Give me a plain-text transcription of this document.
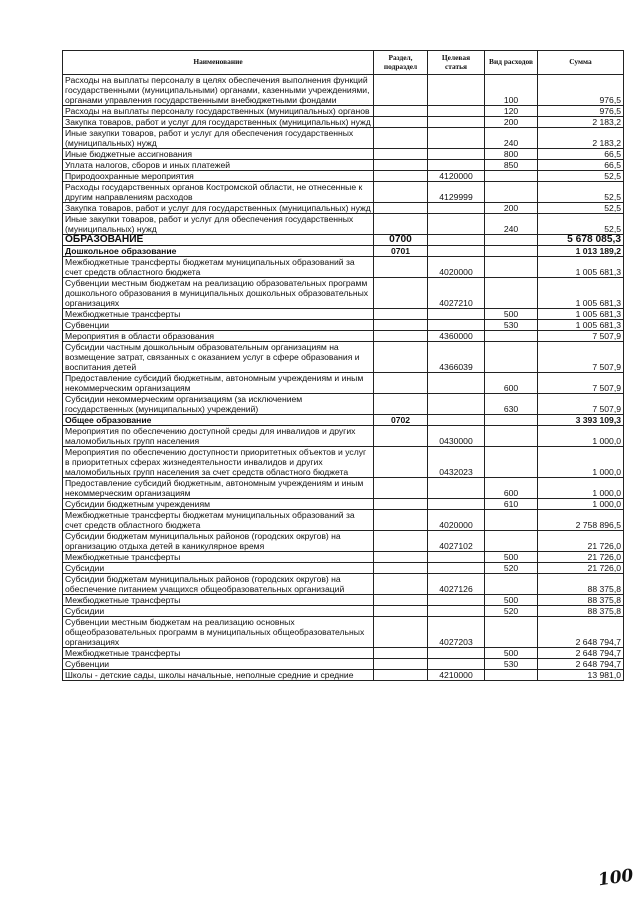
Наименование	Раздел, подраздел	Целевая статья	Вид расходов	Сумма
Расходы на выплаты персоналу в целях обеспечения выполнения функций государственными (муниципальными) органами, казенными учреждениями, органами управления государственными внебюджетными фондами			100	976,5
Расходы на выплаты персоналу государственных (муниципальных) органов			120	976,5
Закупка товаров, работ и услуг для государственных (муниципальных) нужд			200	2 183,2
Иные закупки товаров, работ и услуг для обеспечения государственных (муниципальных) нужд			240	2 183,2
Иные бюджетные ассигнования			800	66,5
Уплата налогов, сборов и иных платежей			850	66,5
Природоохранные мероприятия		4120000		52,5
Расходы государственных органов Костромской области, не отнесенные к другим направлениям расходов		4129999		52,5
Закупка товаров, работ и услуг для государственных (муниципальных) нужд			200	52,5
Иные закупки товаров, работ и услуг для обеспечения государственных (муниципальных) нужд			240	52,5
ОБРАЗОВАНИЕ	0700			5 678 085,3
Дошкольное образование	0701			1 013 189,2
Межбюджетные трансферты бюджетам муниципальных образований за счет средств областного бюджета		4020000		1 005 681,3
Субвенции местным бюджетам на реализацию образовательных программ дошкольного образования в муниципальных дошкольных образовательных организациях		4027210		1 005 681,3
Межбюджетные трансферты			500	1 005 681,3
Субвенции			530	1 005 681,3
Мероприятия в области образования		4360000		7 507,9
Субсидии частным дошкольным образовательным организациям на возмещение затрат, связанных с оказанием услуг в сфере образования и воспитания детей		4366039		7 507,9
Предоставление субсидий бюджетным, автономным учреждениям и иным некоммерческим организациям			600	7 507,9
Субсидии некоммерческим организациям (за исключением государственных (муниципальных) учреждений)			630	7 507,9
Общее образование	0702			3 393 109,3
Мероприятия по обеспечению доступной среды для инвалидов и других маломобильных групп населения		0430000		1 000,0
Мероприятия по обеспечению доступности приоритетных объектов и услуг в приоритетных сферах жизнедеятельности инвалидов и других маломобильных групп населения за счет средств областного бюджета		0432023		1 000,0
Предоставление субсидий бюджетным, автономным учреждениям и иным некоммерческим организациям			600	1 000,0
Субсидии бюджетным учреждениям			610	1 000,0
Межбюджетные трансферты бюджетам муниципальных образований за счет средств областного бюджета		4020000		2 758 896,5
Субсидии бюджетам муниципальных районов (городских округов) на организацию отдыха детей в каникулярное время		4027102		21 726,0
Межбюджетные трансферты			500	21 726,0
Субсидии			520	21 726,0
Субсидии бюджетам муниципальных районов (городских округов) на обеспечение питанием учащихся общеобразовательных организаций		4027126		88 375,8
Межбюджетные трансферты			500	88 375,8
Субсидии			520	88 375,8
Субвенции местным бюджетам на реализацию основных общеобразовательных программ в муниципальных общеобразовательных организациях		4027203		2 648 794,7
Межбюджетные трансферты			500	2 648 794,7
Субвенции			530	2 648 794,7
Школы - детские сады, школы начальные, неполные средние и средние		4210000		13 981,0
100
